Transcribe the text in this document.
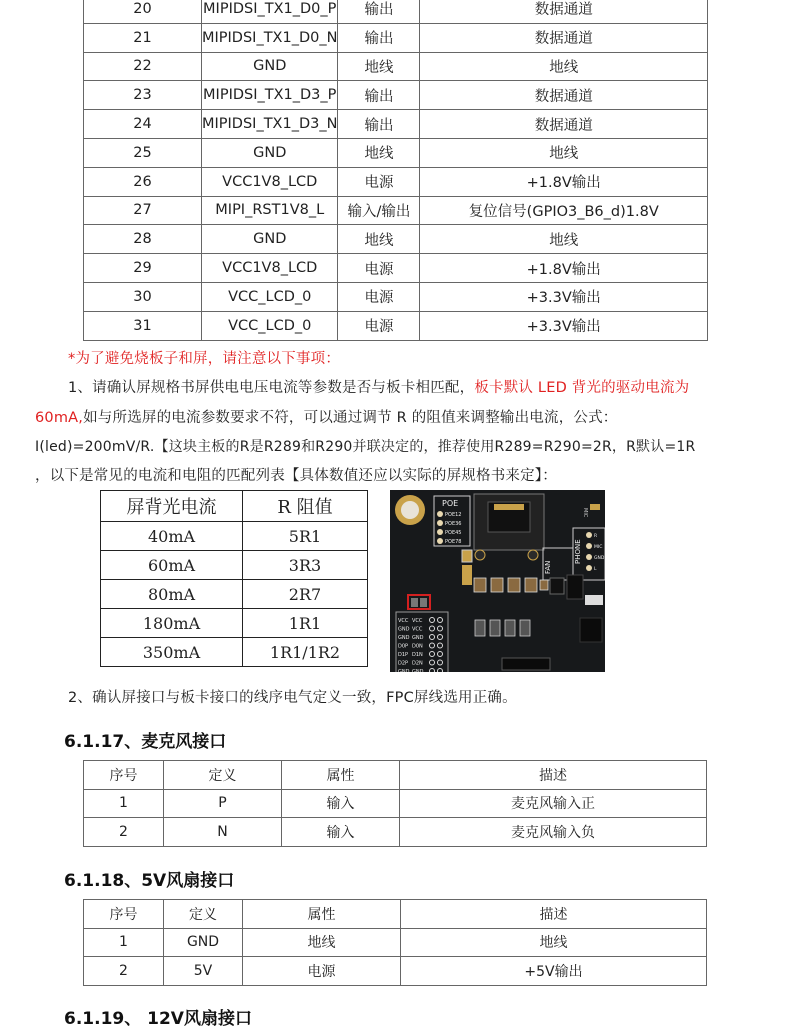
20	MIPIDSI_TX1_D0_P	输出	数据通道
21	MIPIDSI_TX1_D0_N	输出	数据通道
22	GND	地线	地线
23	MIPIDSI_TX1_D3_P	输出	数据通道
24	MIPIDSI_TX1_D3_N	输出	数据通道
25	GND	地线	地线
26	VCC1V8_LCD	电源	+1.8V输出
27	MIPI_RST1V8_L	输入/输出	复位信号(GPIO3_B6_d)1.8V
28	GND	地线	地线
29	VCC1V8_LCD	电源	+1.8V输出
30	VCC_LCD_0	电源	+3.3V输出
31	VCC_LCD_0	电源	+3.3V输出
*为了避免烧板子和屏，请注意以下事项：
1、请确认屏规格书屏供电电压电流等参数是否与板卡相匹配，板卡默认 LED 背光的驱动电流为
60mA,如与所选屏的电流参数要求不符，可以通过调节 R 的阻值来调整输出电流，公式：
I(led)=200mV/R.【这块主板的R是R289和R290并联决定的，推荐使用R289=R290=2R，R默认=1R
，以下是常见的电流和电阻的匹配列表【具体数值还应以实际的屏规格书来定】：
屏背光电流	R 阻值
40mA	5R1
60mA	3R3
80mA	2R7
180mA	1R1
350mA	1R1/1R2
POE
POE12
POE36
POE45
POE78
FAN
PHONE
R
MIC
GND
L
MIC
VCC VCC
GND VCC
GND GND
D0P D0N
D1P D1N
D2P D2N
GND GND
2、确认屏接口与板卡接口的线序电气定义一致，FPC屏线选用正确。
6.1.17、麦克风接口
序号	定义	属性	描述
1	P	输入	麦克风输入正
2	N	输入	麦克风输入负
6.1.18、5V风扇接口
序号	定义	属性	描述
1	GND	地线	地线
2	5V	电源	+5V输出
6.1.19、 12V风扇接口
